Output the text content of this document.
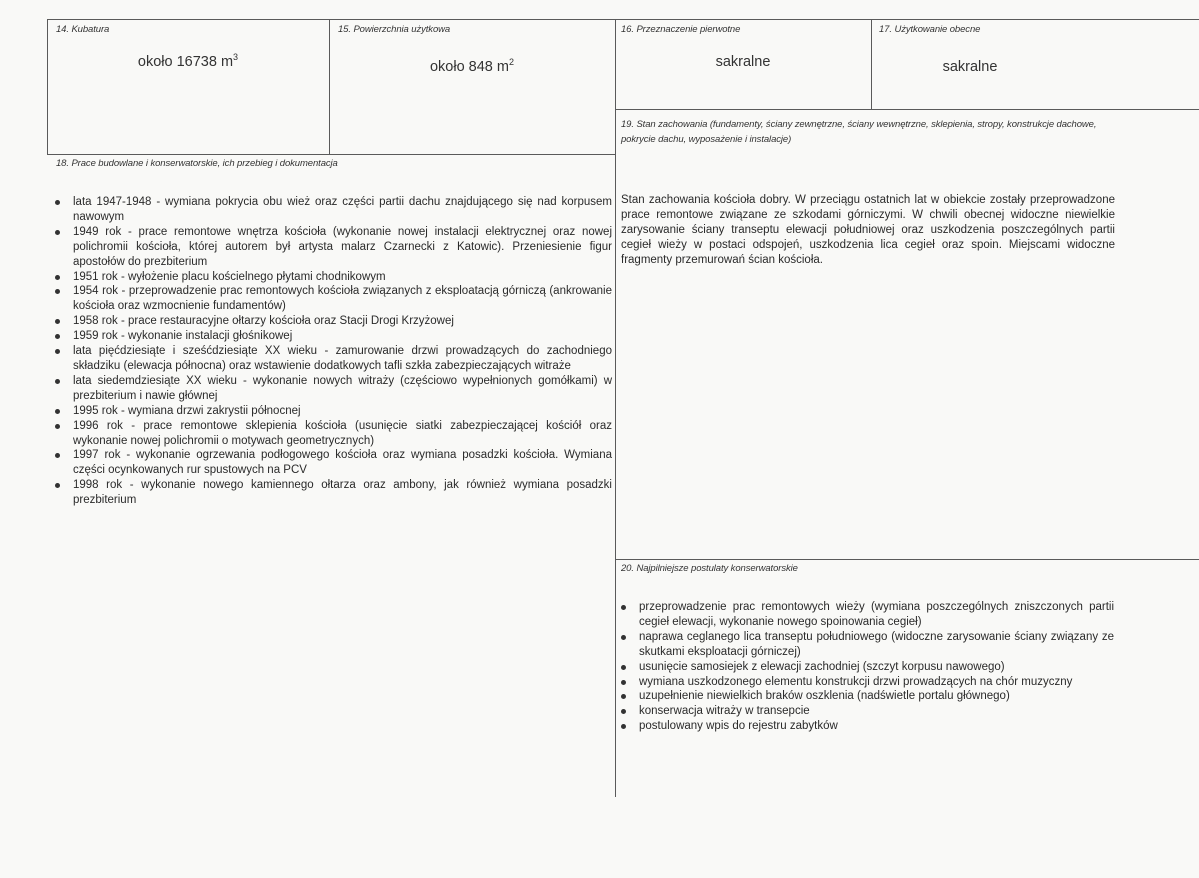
14. Kubatura
około 16738 $m^3$
15. Powierzchnia użytkowa
około 848 $m^2$
16. Przeznaczenie pierwotne
sakralne
17. Użytkowanie obecne
sakralne
19. Stan zachowania (fundamenty, ściany zewnętrzne, ściany wewnętrzne, sklepienia, stropy, konstrukcje dachowe, pokrycie dachu, wyposażenie i instalacje)
Stan zachowania kościoła dobry. W przeciągu ostatnich lat w obiekcie zostały przeprowadzone prace remontowe związane ze szkodami górniczymi. W chwili obecnej widoczne niewielkie zarysowanie ściany transeptu elewacji południowej oraz uszkodzenia poszczególnych partii cegieł wieży w postaci odspojeń, uszkodzenia lica cegieł oraz spoin. Miejscami widoczne fragmenty przemurowań ścian kościoła.
18. Prace budowlane i konserwatorskie, ich przebieg i dokumentacja
lata 1947-1948 - wymiana pokrycia obu wież oraz części partii dachu znajdującego się nad korpusem nawowym
1949 rok - prace remontowe wnętrza kościoła (wykonanie nowej instalacji elektrycznej oraz nowej polichromii kościoła, której autorem był artysta malarz Czarnecki z Katowic). Przeniesienie figur apostołów do prezbiterium
1951 rok - wyłożenie placu kościelnego płytami chodnikowym
1954 rok - przeprowadzenie prac remontowych kościoła związanych z eksploatacją górniczą (ankrowanie kościoła oraz wzmocnienie fundamentów)
1958 rok - prace restauracyjne ołtarzy kościoła oraz Stacji Drogi Krzyżowej
1959 rok - wykonanie instalacji głośnikowej
lata pięćdziesiąte i sześćdziesiąte XX wieku - zamurowanie drzwi prowadzących do zachodniego składziku (elewacja północna) oraz wstawienie dodatkowych tafli szkła zabezpieczających witraże
lata siedemdziesiąte XX wieku - wykonanie nowych witraży (częściowo wypełnionych gomółkami) w prezbiterium i nawie głównej
1995 rok - wymiana drzwi zakrystii północnej
1996 rok - prace remontowe sklepienia kościoła (usunięcie siatki zabezpieczającej kościół oraz wykonanie nowej polichromii o motywach geometrycznych)
1997 rok - wykonanie ogrzewania podłogowego kościoła oraz wymiana posadzki kościoła. Wymiana części ocynkowanych rur spustowych na PCV
1998 rok - wykonanie nowego kamiennego ołtarza oraz ambony, jak również wymiana posadzki prezbiterium
20. Najpilniejsze postulaty konserwatorskie
przeprowadzenie prac remontowych wieży (wymiana poszczególnych zniszczonych partii cegieł elewacji, wykonanie nowego spoinowania cegieł)
naprawa ceglanego lica transeptu południowego (widoczne zarysowanie ściany związany ze skutkami eksploatacji górniczej)
usunięcie samosiejek z elewacji zachodniej (szczyt korpusu nawowego)
wymiana uszkodzonego elementu konstrukcji drzwi prowadzących na chór muzyczny
uzupełnienie niewielkich braków oszklenia (nadświetle portalu głównego)
konserwacja witraży w transepcie
postulowany wpis do rejestru zabytków
